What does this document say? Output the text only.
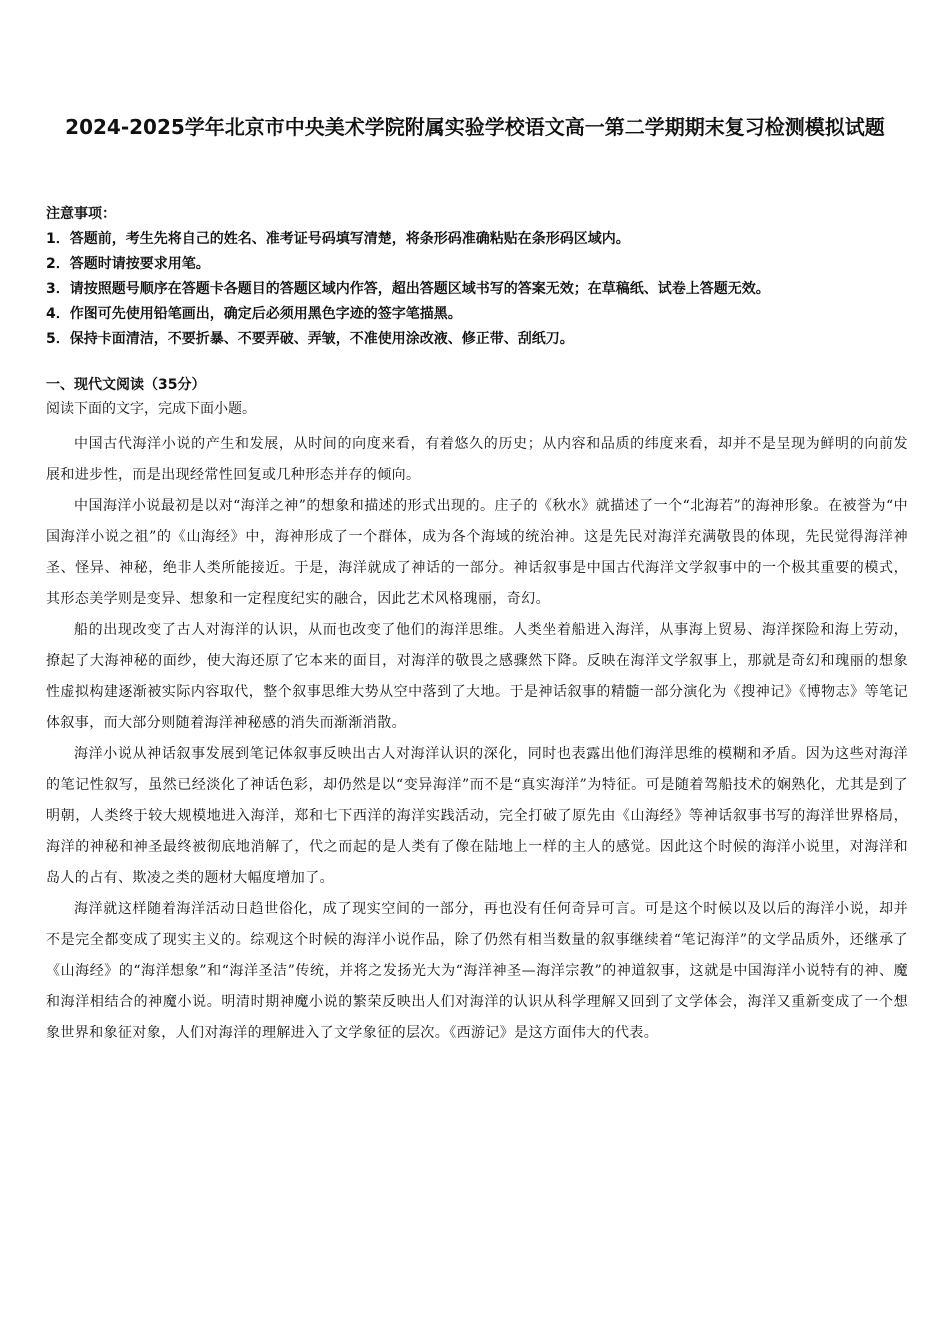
2024-2025学年北京市中央美术学院附属实验学校语文高一第二学期期末复习检测模拟试题
注意事项：
1．答题前，考生先将自己的姓名、准考证号码填写清楚，将条形码准确粘贴在条形码区域内。
2．答题时请按要求用笔。
3．请按照题号顺序在答题卡各题目的答题区域内作答，超出答题区域书写的答案无效；在草稿纸、试卷上答题无效。
4．作图可先使用铅笔画出，确定后必须用黑色字迹的签字笔描黑。
5．保持卡面清洁，不要折暴、不要弄破、弄皱，不准使用涂改液、修正带、刮纸刀。
一、现代文阅读（35分）
阅读下面的文字，完成下面小题。

中国古代海洋小说的产生和发展，从时间的向度来看，有着悠久的历史；从内容和品质的纬度来看，却并不是呈现为鲜明的向前发展和进步性，而是出现经常性回复或几种形态并存的倾向。

中国海洋小说最初是以对“海洋之神”的想象和描述的形式出现的。庄子的《秋水》就描述了一个“北海若”的海神形象。在被誉为“中国海洋小说之祖”的《山海经》中，海神形成了一个群体，成为各个海域的统治神。这是先民对海洋充满敬畏的体现，先民觉得海洋神圣、怪异、神秘，绝非人类所能接近。于是，海洋就成了神话的一部分。神话叙事是中国古代海洋文学叙事中的一个极其重要的模式，其形态美学则是变异、想象和一定程度纪实的融合，因此艺术风格瑰丽，奇幻。

船的出现改变了古人对海洋的认识，从而也改变了他们的海洋思维。人类坐着船进入海洋，从事海上贸易、海洋探险和海上劳动，撩起了大海神秘的面纱，使大海还原了它本来的面目，对海洋的敬畏之感骤然下降。反映在海洋文学叙事上，那就是奇幻和瑰丽的想象性虚拟构建逐渐被实际内容取代，整个叙事思维大势从空中落到了大地。于是神话叙事的精髓一部分演化为《搜神记》《博物志》等笔记体叙事，而大部分则随着海洋神秘感的消失而渐渐消散。

海洋小说从神话叙事发展到笔记体叙事反映出古人对海洋认识的深化，同时也表露出他们海洋思维的模糊和矛盾。因为这些对海洋的笔记性叙写，虽然已经淡化了神话色彩，却仍然是以“变异海洋”而不是“真实海洋”为特征。可是随着驾船技术的娴熟化，尤其是到了明朝，人类终于较大规模地进入海洋，郑和七下西洋的海洋实践活动，完全打破了原先由《山海经》等神话叙事书写的海洋世界格局，海洋的神秘和神圣最终被彻底地消解了，代之而起的是人类有了像在陆地上一样的主人的感觉。因此这个时候的海洋小说里，对海洋和岛人的占有、欺凌之类的题材大幅度增加了。

海洋就这样随着海洋活动日趋世俗化，成了现实空间的一部分，再也没有任何奇异可言。可是这个时候以及以后的海洋小说，却并不是完全都变成了现实主义的。综观这个时候的海洋小说作品，除了仍然有相当数量的叙事继续着“笔记海洋”的文学品质外，还继承了《山海经》的“海洋想象”和“海洋圣洁”传统，并将之发扬光大为“海洋神圣—海洋宗教”的神道叙事，这就是中国海洋小说特有的神、魔和海洋相结合的神魔小说。明清时期神魔小说的繁荣反映出人们对海洋的认识从科学理解又回到了文学体会，海洋又重新变成了一个想象世界和象征对象，人们对海洋的理解进入了文学象征的层次。《西游记》是这方面伟大的代表。
